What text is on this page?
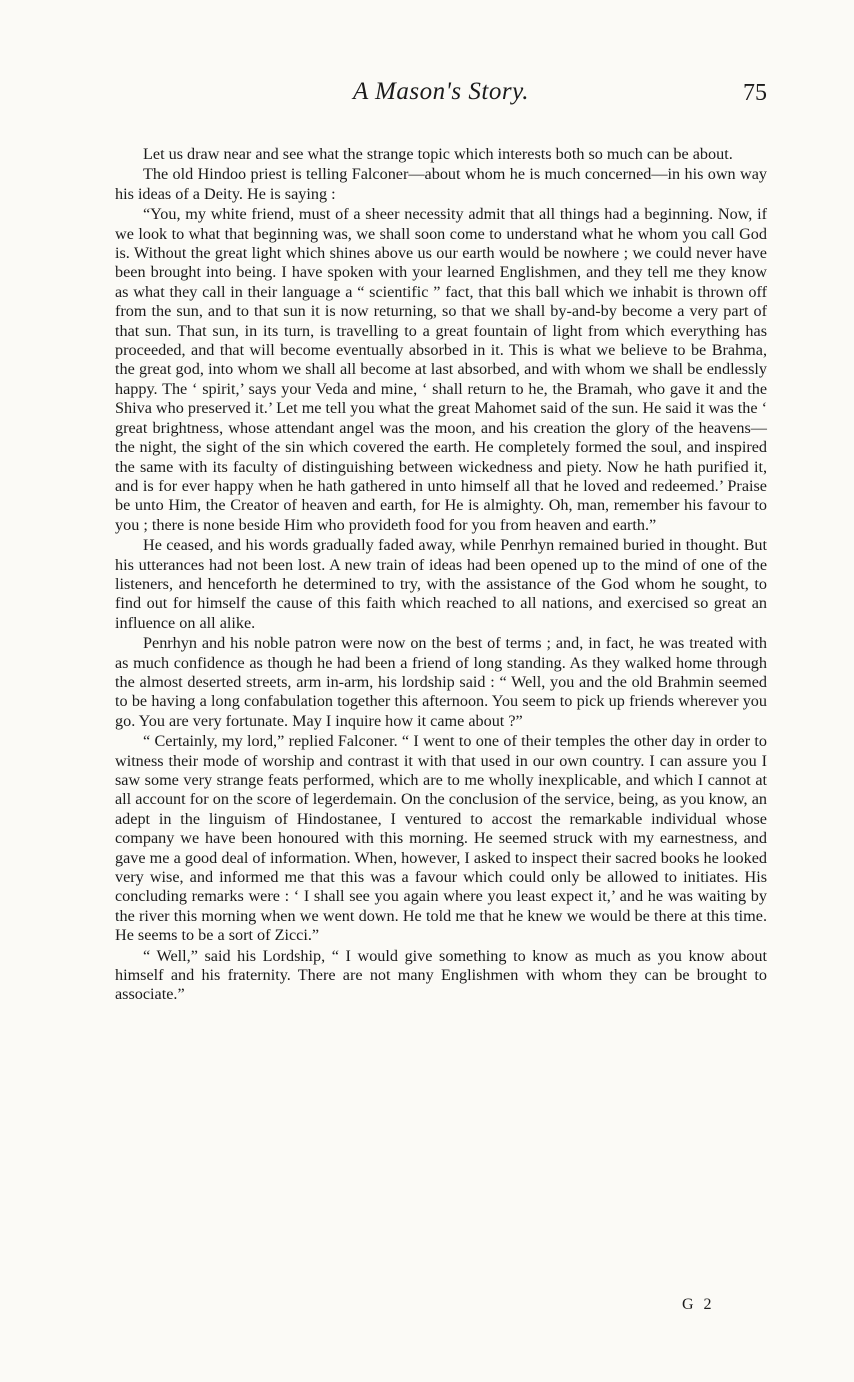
A Mason's Story.	75

Let us draw near and see what the strange topic which interests both so much can be about.

The old Hindoo priest is telling Falconer—about whom he is much concerned—in his own way his ideas of a Deity. He is saying :

“You, my white friend, must of a sheer necessity admit that all things had a beginning. Now, if we look to what that beginning was, we shall soon come to understand what he whom you call God is. Without the great light which shines above us our earth would be nowhere ; we could never have been brought into being. I have spoken with your learned Englishmen, and they tell me they know as what they call in their language a “ scientific ” fact, that this ball which we inhabit is thrown off from the sun, and to that sun it is now returning, so that we shall by-and-by become a very part of that sun. That sun, in its turn, is travelling to a great fountain of light from which everything has proceeded, and that will become eventually absorbed in it. This is what we believe to be Brahma, the great god, into whom we shall all become at last absorbed, and with whom we shall be endlessly happy. The ‘ spirit,’ says your Veda and mine, ‘ shall return to he, the Bramah, who gave it and the Shiva who preserved it.’ Let me tell you what the great Mahomet said of the sun. He said it was the ‘ great brightness, whose attendant angel was the moon, and his creation the glory of the heavens—the night, the sight of the sin which covered the earth. He completely formed the soul, and inspired the same with its faculty of distinguishing between wickedness and piety. Now he hath purified it, and is for ever happy when he hath gathered in unto himself all that he loved and redeemed.’ Praise be unto Him, the Creator of heaven and earth, for He is almighty. Oh, man, remember his favour to you ; there is none beside Him who provideth food for you from heaven and earth.”

He ceased, and his words gradually faded away, while Penrhyn remained buried in thought. But his utterances had not been lost. A new train of ideas had been opened up to the mind of one of the listeners, and henceforth he determined to try, with the assistance of the God whom he sought, to find out for himself the cause of this faith which reached to all nations, and exercised so great an influence on all alike.

Penrhyn and his noble patron were now on the best of terms ; and, in fact, he was treated with as much confidence as though he had been a friend of long standing. As they walked home through the almost deserted streets, arm in-arm, his lordship said : “ Well, you and the old Brahmin seemed to be having a long confabulation together this afternoon. You seem to pick up friends wherever you go. You are very fortunate. May I inquire how it came about ?”

“ Certainly, my lord,” replied Falconer. “ I went to one of their temples the other day in order to witness their mode of worship and contrast it with that used in our own country. I can assure you I saw some very strange feats performed, which are to me wholly inexplicable, and which I cannot at all account for on the score of legerdemain. On the conclusion of the service, being, as you know, an adept in the linguism of Hindostanee, I ventured to accost the remarkable individual whose company we have been honoured with this morning. He seemed struck with my earnestness, and gave me a good deal of information. When, however, I asked to inspect their sacred books he looked very wise, and informed me that this was a favour which could only be allowed to initiates. His concluding remarks were : ‘ I shall see you again where you least expect it,’ and he was waiting by the river this morning when we went down. He told me that he knew we would be there at this time. He seems to be a sort of Zicci.”

“ Well,” said his Lordship, “ I would give something to know as much as you know about himself and his fraternity. There are not many Englishmen with whom they can be brought to associate.”

G 2
